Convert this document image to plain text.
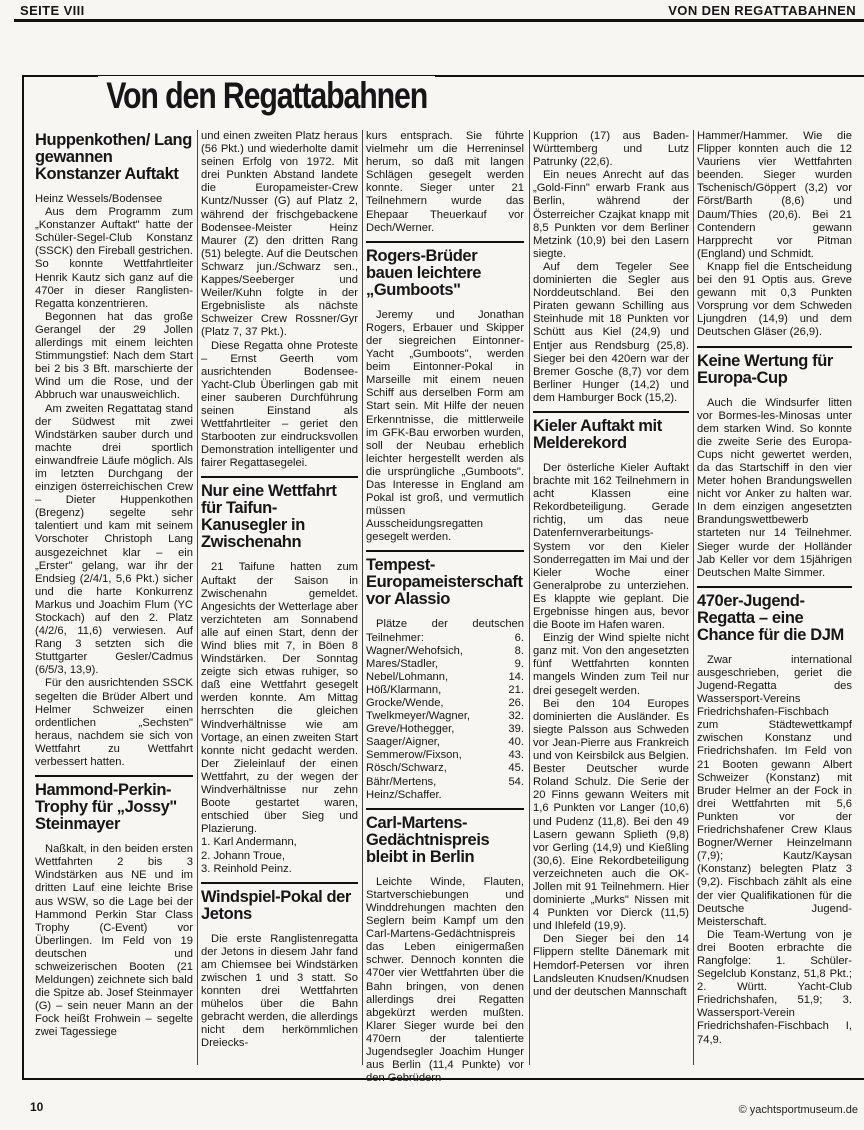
SEITE VIII	VON DEN REGATTABAHNEN
Von den Regattabahnen
Huppenkothen/ Lang gewannen Konstanzer Auftakt
Heinz Wessels/Bodensee
Aus dem Programm zum „Konstanzer Auftakt" hatte der Schüler-Segel-Club Konstanz (SSCK) den Fireball gestrichen. So konnte Wettfahrtleiter Henrik Kautz sich ganz auf die 470er in dieser Ranglisten-Regatta konzentrieren.
Begonnen hat das große Gerangel der 29 Jollen allerdings mit einem leichten Stimmungstief: Nach dem Start bei 2 bis 3 Bft. marschierte der Wind um die Rose, und der Abbruch war unausweichlich.
Am zweiten Regattatag stand der Südwest mit zwei Windstärken sauber durch und machte drei sportlich einwandfreie Läufe möglich. Als im letzten Durchgang der einzigen österreichischen Crew – Dieter Huppenkothen (Bregenz) segelte sehr talentiert und kam mit seinem Vorschoter Christoph Lang ausgezeichnet klar – ein „Erster" gelang, war ihr der Endsieg (2/4/1, 5,6 Pkt.) sicher und die harte Konkurrenz Markus und Joachim Flum (YC Stockach) auf den 2. Platz (4/2/6, 11,6) verwiesen. Auf Rang 3 setzten sich die Stuttgarter Gesler/Cadmus (6/5/3, 13,9).
Für den ausrichtenden SSCK segelten die Brüder Albert und Helmer Schweizer einen ordentlichen „Sechsten" heraus, nachdem sie sich von Wettfahrt zu Wettfahrt verbessert hatten.
Hammond-Perkin-Trophy für „Jossy" Steinmayer
Naßkalt, in den beiden ersten Wettfahrten 2 bis 3 Windstärken aus NE und im dritten Lauf eine leichte Brise aus WSW, so die Lage bei der Hammond Perkin Star Class Trophy (C-Event) vor Überlingen. Im Feld von 19 deutschen und schweizerischen Booten (21 Meldungen) zeichnete sich bald die Spitze ab. Josef Steinmayer (G) – sein neuer Mann an der Fock heißt Frohwein – segelte zwei Tagessiege
und einen zweiten Platz heraus (56 Pkt.) und wiederholte damit seinen Erfolg von 1972. Mit drei Punkten Abstand landete die Europameister-Crew Kuntz/Nusser (G) auf Platz 2, während der frischgebackene Bodensee-Meister Heinz Maurer (Z) den dritten Rang (51) belegte. Auf die Deutschen Schwarz jun./Schwarz sen., Kappes/Seeberger und Weiler/Kuhn folgte in der Ergebnisliste als nächste Schweizer Crew Rossner/Gyr (Platz 7, 37 Pkt.).
Diese Regatta ohne Proteste – Ernst Geerth vom ausrichtenden Bodensee-Yacht-Club Überlingen gab mit einer sauberen Durchführung seinen Einstand als Wettfahrtleiter – geriet den Starbooten zur eindrucksvollen Demonstration intelligenter und fairer Regattasegelei.
Nur eine Wettfahrt für Taifun-Kanusegler in Zwischenahn
21 Taifune hatten zum Auftakt der Saison in Zwischenahn gemeldet. Angesichts der Wetterlage aber verzichteten am Sonnabend alle auf einen Start, denn der Wind blies mit 7, in Böen 8 Windstärken. Der Sonntag zeigte sich etwas ruhiger, so daß eine Wettfahrt gesegelt werden konnte. Am Mittag herrschten die gleichen Windverhältnisse wie am Vortage, an einen zweiten Start konnte nicht gedacht werden. Der Zieleinlauf der einen Wettfahrt, zu der wegen der Windverhältnisse nur zehn Boote gestartet waren, entschied über Sieg und Plazierung.
1. Karl Andermann,
2. Johann Troue,
3. Reinhold Peinz.
Windspiel-Pokal der Jetons
Die erste Ranglistenregatta der Jetons in diesem Jahr fand am Chiemsee bei Windstärken zwischen 1 und 3 statt. So konnten drei Wettfahrten mühelos über die Bahn gebracht werden, die allerdings nicht dem herkömmlichen Dreiecks-
kurs entsprach. Sie führte vielmehr um die Herreninsel herum, so daß mit langen Schlägen gesegelt werden konnte. Sieger unter 21 Teilnehmern wurde das Ehepaar Theuerkauf vor Dech/Werner.
Rogers-Brüder bauen leichtere „Gumboots"
Jeremy und Jonathan Rogers, Erbauer und Skipper der siegreichen Eintonner-Yacht „Gumboots", werden beim Eintonner-Pokal in Marseille mit einem neuen Schiff aus derselben Form am Start sein. Mit Hilfe der neuen Erkenntnisse, die mittlerweile im GFK-Bau erworben wurden, soll der Neubau erheblich leichter hergestellt werden als die ursprüngliche „Gumboots". Das Interesse in England am Pokal ist groß, und vermutlich müssen Ausscheidungsregatten gesegelt werden.
Tempest-Europameisterschaft vor Alassio
Plätze der deutschen Teilnehmer: 6. Wagner/Wehofsich, 8. Mares/Stadler, 9. Nebel/Lohmann, 14. Höß/Klarmann, 21. Grocke/Wende, 26. Twelkmeyer/Wagner, 32. Greve/Hothegger, 39. Saager/Aigner, 40. Semmerow/Fixson, 43. Rösch/Schwarz, 45. Bähr/Mertens, 54. Heinz/Schaffer.
Carl-Martens-Gedächtnispreis bleibt in Berlin
Leichte Winde, Flauten, Startverschiebungen und Winddrehungen machten den Seglern beim Kampf um den Carl-Martens-Gedächtnispreis das Leben einigermaßen schwer. Dennoch konnten die 470er vier Wettfahrten über die Bahn bringen, von denen allerdings drei Regatten abgekürzt werden mußten. Klarer Sieger wurde bei den 470ern der talentierte Jugendsegler Joachim Hunger aus Berlin (11,4 Punkte) vor den Gebrüdern
Kupprion (17) aus Baden-Württemberg und Lutz Patrunky (22,6).
Ein neues Anrecht auf das „Gold-Finn" erwarb Frank aus Berlin, während der Österreicher Czajkat knapp mit 8,5 Punkten vor dem Berliner Metzink (10,9) bei den Lasern siegte.
Auf dem Tegeler See dominierten die Segler aus Norddeutschland. Bei den Piraten gewann Schilling aus Steinhude mit 18 Punkten vor Schütt aus Kiel (24,9) und Entjer aus Rendsburg (25,8). Sieger bei den 420ern war der Bremer Gosche (8,7) vor dem Berliner Hunger (14,2) und dem Hamburger Bock (15,2).
Kieler Auftakt mit Melderekord
Der österliche Kieler Auftakt brachte mit 162 Teilnehmern in acht Klassen eine Rekordbeteiligung. Gerade richtig, um das neue Datenfernverarbeitungs-System vor den Kieler Sonderregatten im Mai und der Kieler Woche einer Generalprobe zu unterziehen. Es klappte wie geplant. Die Ergebnisse hingen aus, bevor die Boote im Hafen waren.
Einzig der Wind spielte nicht ganz mit. Von den angesetzten fünf Wettfahrten konnten mangels Winden zum Teil nur drei gesegelt werden.
Bei den 104 Europes dominierten die Ausländer. Es siegte Palsson aus Schweden vor Jean-Pierre aus Frankreich und von Keirsbilck aus Belgien. Bester Deutscher wurde Roland Schulz. Die Serie der 20 Finns gewann Weiters mit 1,6 Punkten vor Langer (10,6) und Pudenz (11,8). Bei den 49 Lasern gewann Splieth (9,8) vor Gerling (14,9) und Kießling (30,6). Eine Rekordbeteiligung verzeichneten auch die OK-Jollen mit 91 Teilnehmern. Hier dominierte „Murks" Nissen mit 4 Punkten vor Dierck (11,5) und Ihlefeld (19,9).
Den Sieger bei den 14 Flippern stellte Dänemark mit Hemdorf-Petersen vor ihren Landsleuten Knudsen/Knudsen und der deutschen Mannschaft
Hammer/Hammer. Wie die Flipper konnten auch die 12 Vauriens vier Wettfahrten beenden. Sieger wurden Tschenisch/Göppert (3,2) vor Först/Barth (8,6) und Daum/Thies (20,6). Bei 21 Contendern gewann Harpprecht vor Pitman (England) und Schmidt.
Knapp fiel die Entscheidung bei den 91 Optis aus. Greve gewann mit 0,3 Punkten Vorsprung vor dem Schweden Ljungdren (14,9) und dem Deutschen Gläser (26,9).
Keine Wertung für Europa-Cup
Auch die Windsurfer litten vor Bormes-les-Minosas unter dem starken Wind. So konnte die zweite Serie des Europa-Cups nicht gewertet werden, da das Startschiff in den vier Meter hohen Brandungswellen nicht vor Anker zu halten war. In dem einzigen angesetzten Brandungswettbewerb starteten nur 14 Teilnehmer. Sieger wurde der Holländer Jab Keller vor dem 15jährigen Deutschen Malte Simmer.
470er-Jugend-Regatta – eine Chance für die DJM
Zwar international ausgeschrieben, geriet die Jugend-Regatta des Wassersport-Vereins Friedrichshafen-Fischbach zum Städtewettkampf zwischen Konstanz und Friedrichshafen. Im Feld von 21 Booten gewann Albert Schweizer (Konstanz) mit Bruder Helmer an der Fock in drei Wettfahrten mit 5,6 Punkten vor der Friedrichshafener Crew Klaus Bogner/Werner Heinzelmann (7,9); Kautz/Kaysan (Konstanz) belegten Platz 3 (9,2). Fischbach zählt als eine der vier Qualifikationen für die Deutsche Jugend-Meisterschaft.
Die Team-Wertung von je drei Booten erbrachte die Rangfolge: 1. Schüler-Segelclub Konstanz, 51,8 Pkt.; 2. Württ. Yacht-Club Friedrichshafen, 51,9; 3. Wassersport-Verein Friedrichshafen-Fischbach I, 74,9.
10	© yachtsportmuseum.de
